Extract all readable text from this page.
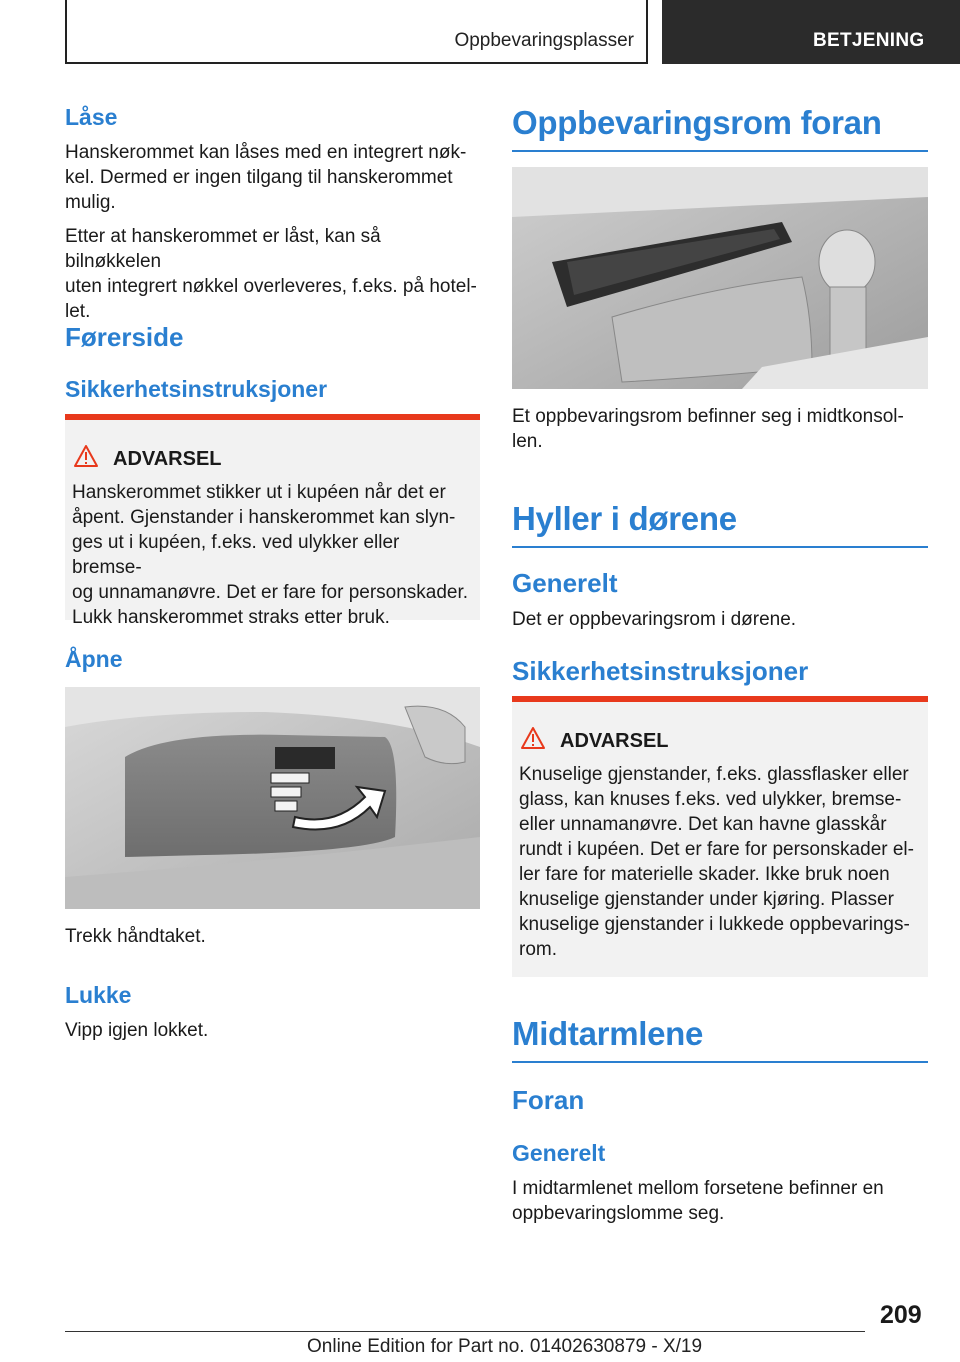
Oppbevaringsplasser	BETJENING
Låse
Hanskerommet kan låses med en integrert nøk-
kel. Dermed er ingen tilgang til hanskerommet
mulig.
Etter at hanskerommet er låst, kan så bilnøkkelen
uten integrert nøkkel overleveres, f.eks. på hotel-
let.
Førerside
Sikkerhetsinstruksjoner
ADVARSEL
Hanskerommet stikker ut i kupéen når det er
åpent. Gjenstander i hanskerommet kan slyn-
ges ut i kupéen, f.eks. ved ulykker eller bremse-
og unnamanøvre. Det er fare for personskader.
Lukk hanskerommet straks etter bruk.
Åpne
Trekk håndtaket.
Lukke
Vipp igjen lokket.
Oppbevaringsrom foran
Et oppbevaringsrom befinner seg i midtkonsol-
len.
Hyller i dørene
Generelt
Det er oppbevaringsrom i dørene.
Sikkerhetsinstruksjoner
ADVARSEL
Knuselige gjenstander, f.eks. glassflasker eller
glass, kan knuses f.eks. ved ulykker, bremse-
eller unnamanøvre. Det kan havne glasskår
rundt i kupéen. Det er fare for personskader el-
ler fare for materielle skader. Ikke bruk noen
knuselige gjenstander under kjøring. Plasser
knuselige gjenstander i lukkede oppbevarings-
rom.
Midtarmlene
Foran
Generelt
I midtarmlenet mellom forsetene befinner en
oppbevaringslomme seg.
209
Online Edition for Part no. 01402630879 - X/19
